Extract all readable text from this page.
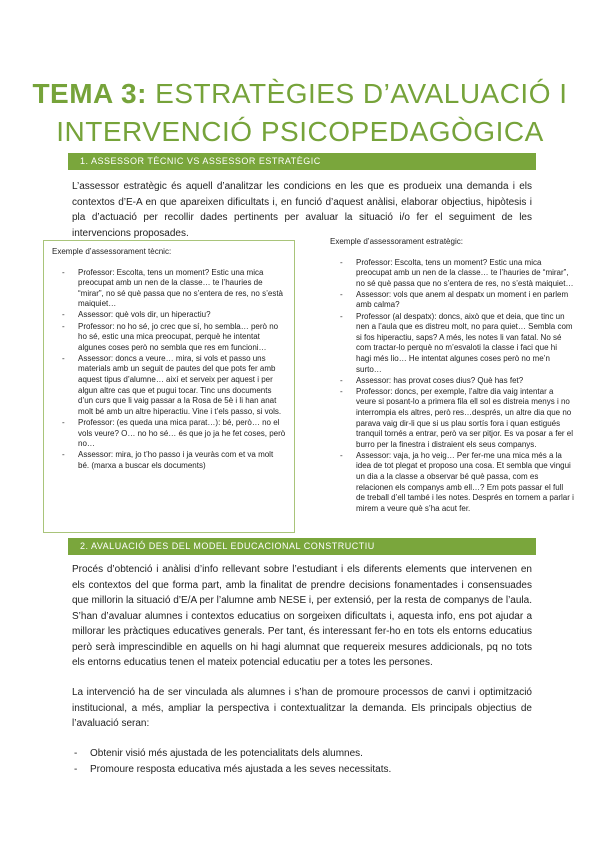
TEMA 3: ESTRATÈGIES D’AVALUACIÓ I
INTERVENCIÓ PSICOPEDAGÒGICA
1. ASSESSOR TÈCNIC VS ASSESSOR ESTRATÈGIC

L’assessor estratègic és aquell d’analitzar les condicions en les que es produeix una demanda i els contextos d’E-A en que apareixen dificultats i, en funció d’aquest anàlisi, elaborar objectius, hipòtesis i pla d’actuació per recollir dades pertinents per avaluar la situació i/o fer el seguiment de les intervencions proposades.

Exemple d’assessorament tècnic:

- Professor: Escolta, tens un moment? Estic una mica preocupat amb un nen de la classe… te l’hauries de “mirar”, no sé què passa que no s’entera de res, no s’està maiquiet…
- Assessor: què vols dir, un hiperactiu?
- Professor: no ho sé, jo crec que sí, ho sembla… però no ho sé, estic una mica preocupat, perquè he intentat algunes coses però no sembla que res em funcioni…
- Assessor: doncs a veure… mira, si vols et passo uns materials amb un seguit de pautes del que pots fer amb aquest tipus d’alumne… així et serveix per aquest i per algun altre cas que et pugui tocar. Tinc uns documents d’un curs que li vaig passar a la Rosa de 5è i li han anat molt bé amb un altre hiperactiu. Vine i t’els passo, si vols.
- Professor: (es queda una mica parat…): bé, però… no el vols veure? O… no ho sé… és que jo ja he fet coses, però no…
- Assessor: mira, jo t’ho passo i ja veuràs com et va molt bé. (marxa a buscar els documents)

Exemple d’assessorament estratègic:

- Professor: Escolta, tens un moment? Estic una mica preocupat amb un nen de la classe… te l’hauries de “mirar”, no sé què passa que no s’entera de res, no s’està maiquiet…
- Assessor: vols que anem al despatx un moment i en parlem amb calma?
- Professor (al despatx): doncs, això que et deia, que tinc un nen a l’aula que es distreu molt, no para quiet… Sembla com si fos hiperactiu, saps? A més, les notes li van fatal. No sé com tractar-lo perquè no m’esvaloti la classe i faci que hi hagi més lio… He intentat algunes coses però no me’n surto…
- Assessor: has provat coses dius? Què has fet?
- Professor: doncs, per exemple, l’altre dia vaig intentar a veure si posant-lo a primera fila ell sol es distreia menys i no interrompia els altres, però res…després, un altre dia que no parava vaig dir-li que si us plau sortís fora i quan estigués tranquil tornés a entrar, però va ser pitjor. Es va posar a fer el burro per la finestra i distraient els seus companys.
- Assessor: vaja, ja ho veig… Per fer-me una mica més a la idea de tot plegat et proposo una cosa. Et sembla que vingui un dia a la classe a observar bé què passa, com es relacionen els companys amb ell…? Em pots passar el full de treball d’ell també i les notes. Després en tornem a parlar i mirem a veure què s’ha acut fer.
2. AVALUACIÓ DES DEL MODEL EDUCACIONAL CONSTRUCTIU

Procés d’obtenció i anàlisi d’info rellevant sobre l’estudiant i els diferents elements que intervenen en els contextos del que forma part, amb la finalitat de prendre decisions fonamentades i consensuades que millorin la situació d’E/A per l’alumne amb NESE i, per extensió, per la resta de companys de l’aula. S’han d’avaluar alumnes i contextos educatius on sorgeixen dificultats i, aquesta info, ens pot ajudar a millorar les pràctiques educatives generals. Per tant, és interessant fer-ho en tots els entorns educatius però serà imprescindible en aquells on hi hagi alumnat que requereix mesures addicionals, pq no tots els entorns educatius tenen el mateix potencial educatiu per a totes les persones.

La intervenció ha de ser vinculada als alumnes i s’han de promoure processos de canvi i optimització institucional, a més, ampliar la perspectiva i contextualitzar la demanda. Els principals objectius de l’avaluació seran:

- Obtenir visió més ajustada de les potencialitats dels alumnes.
- Promoure resposta educativa més ajustada a les seves necessitats.
